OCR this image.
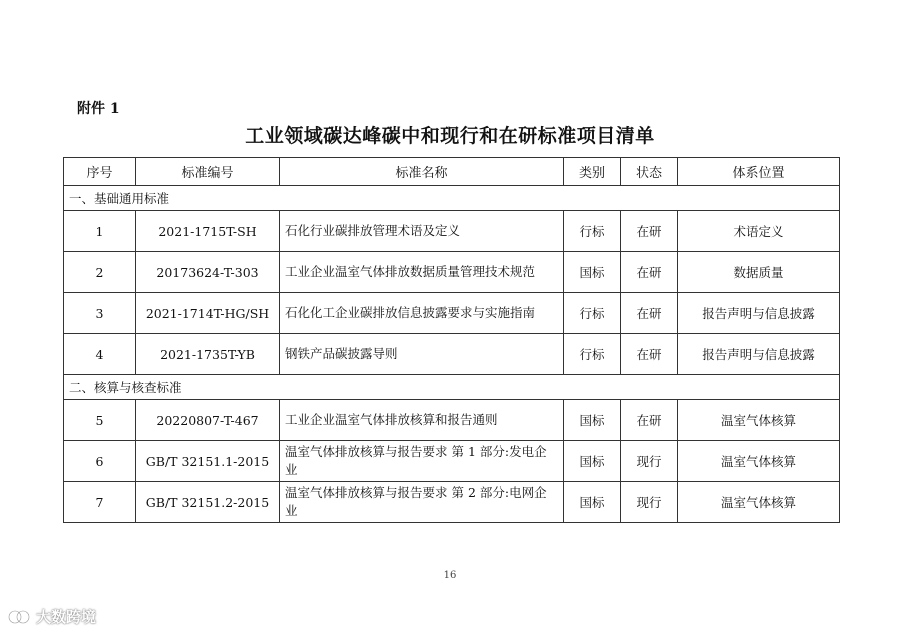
附件 1
工业领域碳达峰碳中和现行和在研标准项目清单
序号	标准编号	标准名称	类别	状态	体系位置
一、基础通用标准					
1	2021-1715T-SH	石化行业碳排放管理术语及定义	行标	在研	术语定义
2	20173624-T-303	工业企业温室气体排放数据质量管理技术规范	国标	在研	数据质量
3	2021-1714T-HG/SH	石化化工企业碳排放信息披露要求与实施指南	行标	在研	报告声明与信息披露
4	2021-1735T-YB	钢铁产品碳披露导则	行标	在研	报告声明与信息披露
二、核算与核查标准					
5	20220807-T-467	工业企业温室气体排放核算和报告通则	国标	在研	温室气体核算
6	GB/T 32151.1-2015	温室气体排放核算与报告要求 第 1 部分:发电企业	国标	现行	温室气体核算
7	GB/T 32151.2-2015	温室气体排放核算与报告要求 第 2 部分:电网企业	国标	现行	温室气体核算
16
大数跨境
